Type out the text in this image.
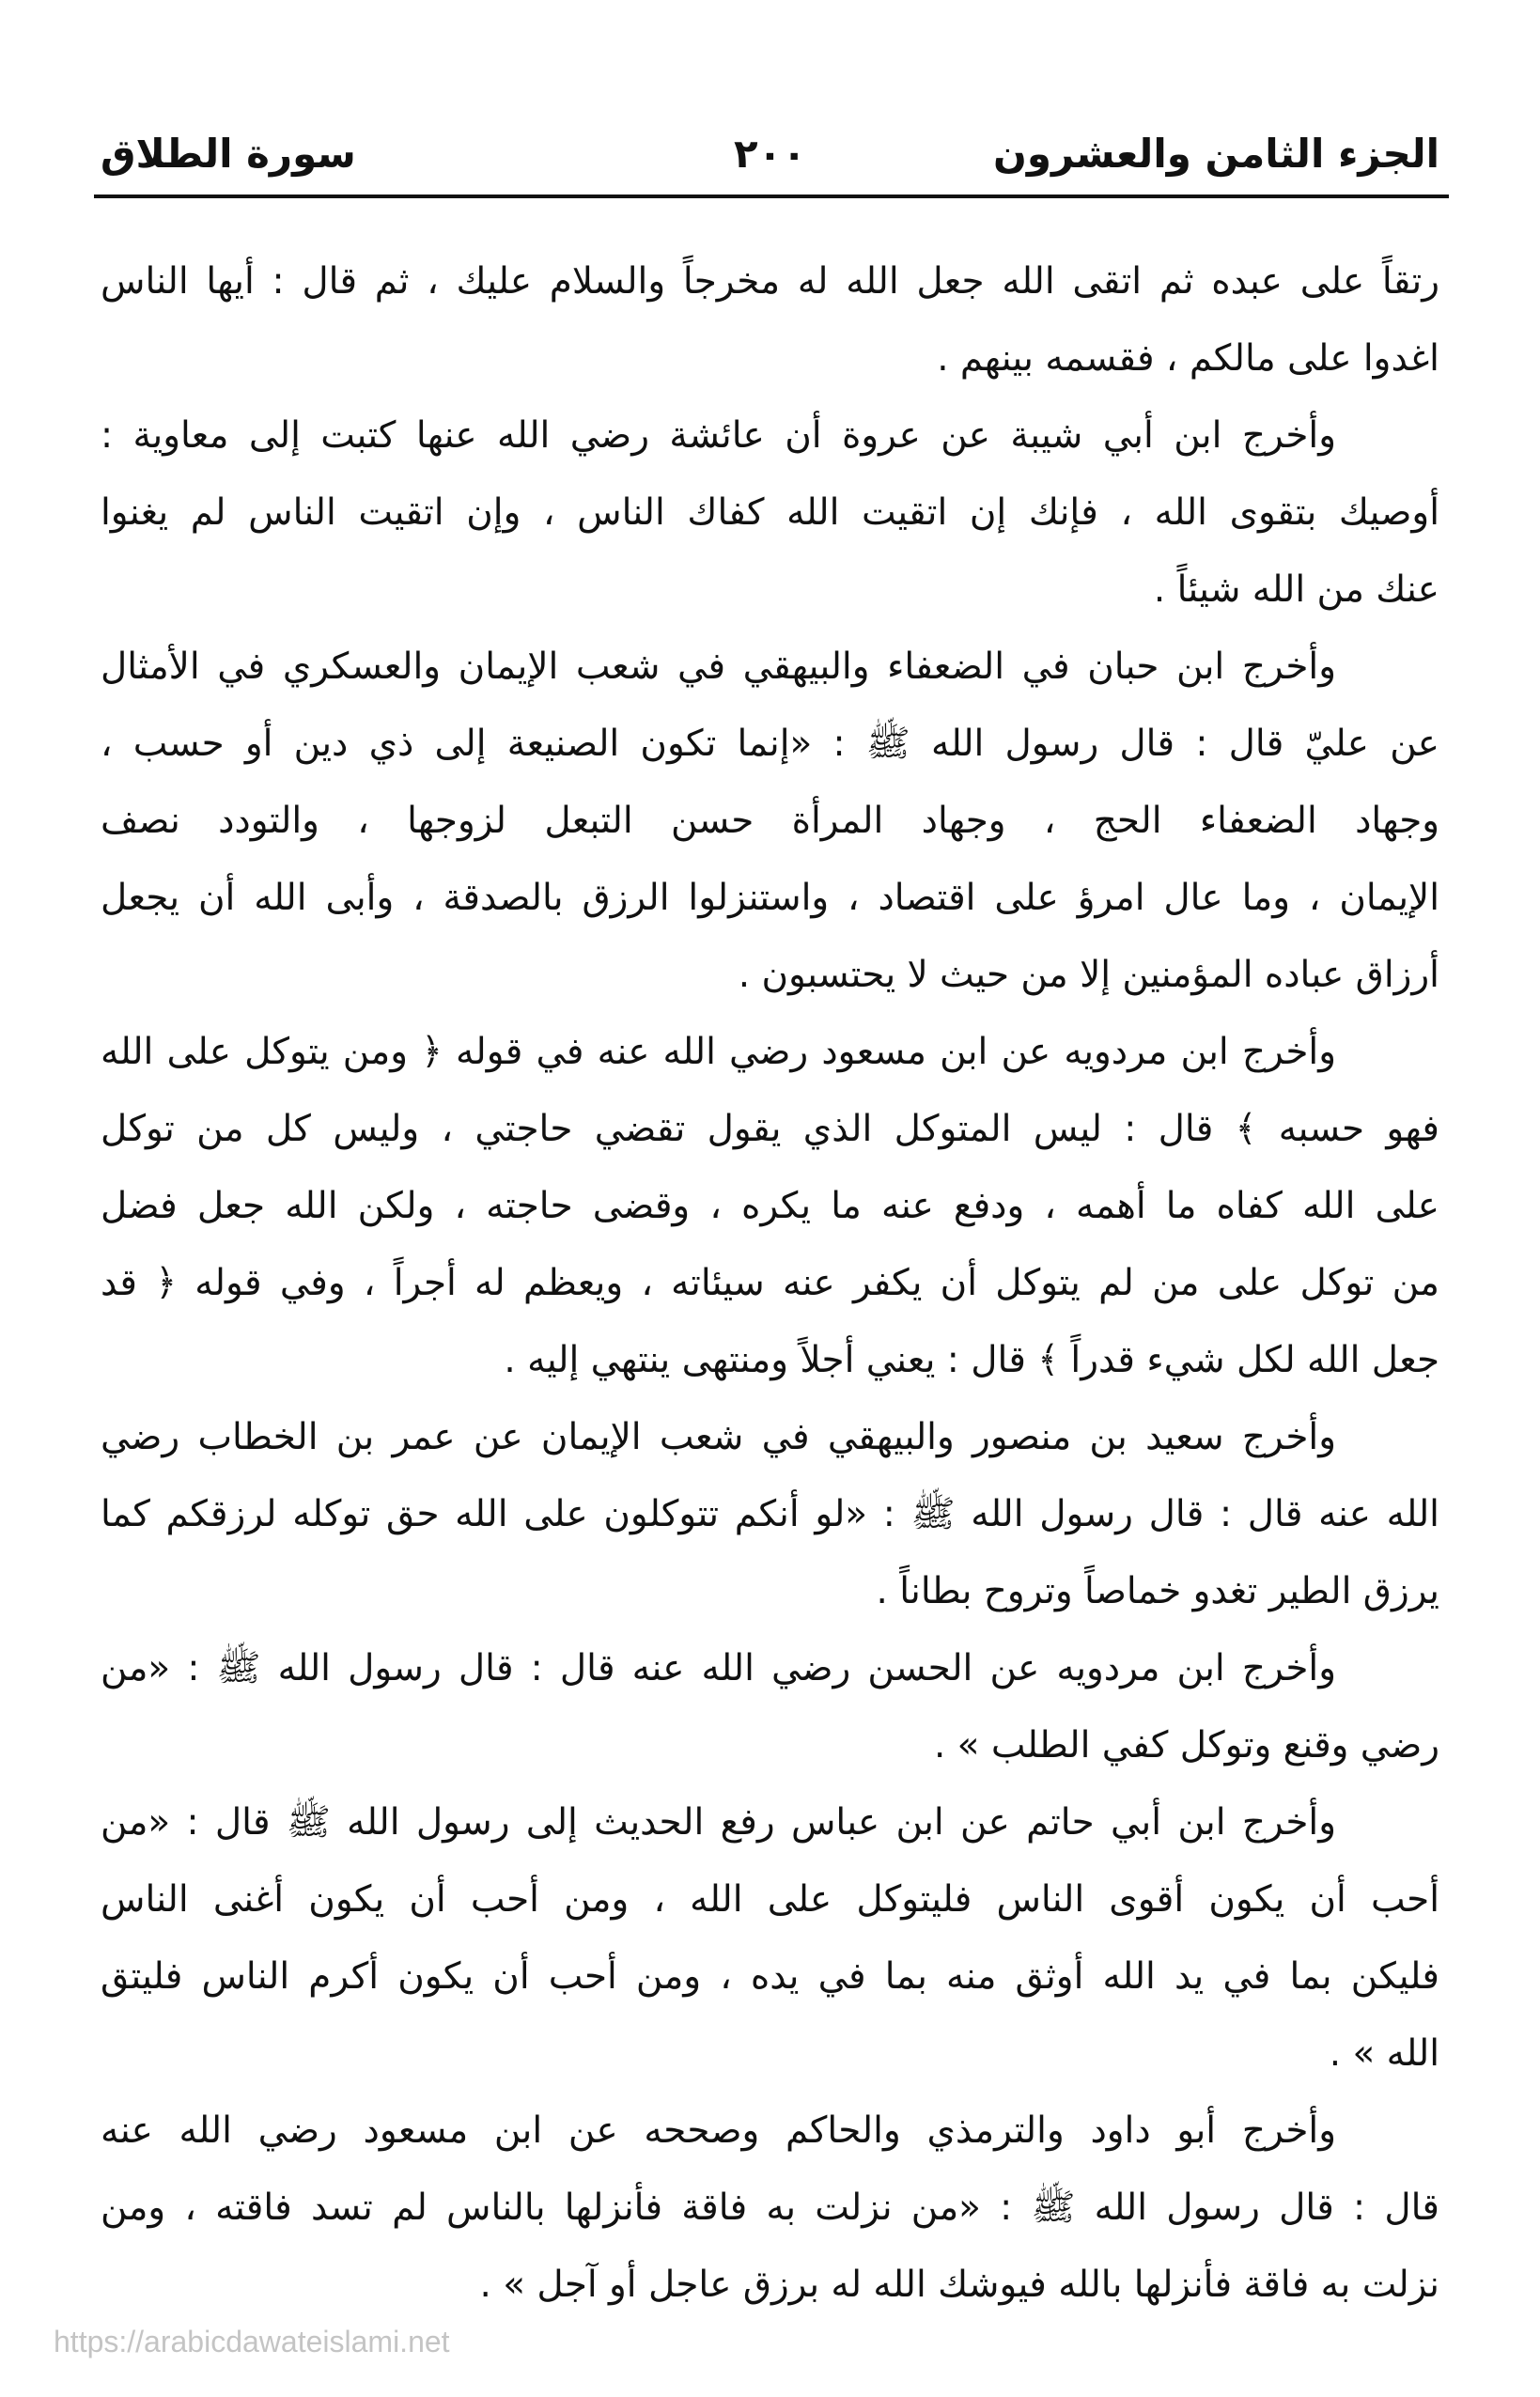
الجزء الثامن والعشرون
٢٠٠
سورة الطلاق
رتقاً على عبده ثم اتقى الله جعل الله له مخرجاً والسلام عليك ، ثم قال : أيها الناس
اغدوا على مالكم ، فقسمه بينهم .
وأخرج ابن أبي شيبة عن عروة أن عائشة رضي الله عنها كتبت إلى معاوية :
أوصيك بتقوى الله ، فإنك إن اتقيت الله كفاك الناس ، وإن اتقيت الناس لم يغنوا
عنك من الله شيئاً .
وأخرج ابن حبان في الضعفاء والبيهقي في شعب الإيمان والعسكري في الأمثال
عن عليّ قال : قال رسول الله ﷺ : «إنما تكون الصنيعة إلى ذي دين أو حسب ،
وجهاد الضعفاء الحج ، وجهاد المرأة حسن التبعل لزوجها ، والتودد نصف
الإيمان ، وما عال امرؤ على اقتصاد ، واستنزلوا الرزق بالصدقة ، وأبى الله أن يجعل
أرزاق عباده المؤمنين إلا من حيث لا يحتسبون .
وأخرج ابن مردويه عن ابن مسعود رضي الله عنه في قوله ﴿ ومن يتوكل على الله
فهو حسبه ﴾ قال : ليس المتوكل الذي يقول تقضي حاجتي ، وليس كل من توكل
على الله كفاه ما أهمه ، ودفع عنه ما يكره ، وقضى حاجته ، ولكن الله جعل فضل
من توكل على من لم يتوكل أن يكفر عنه سيئاته ، ويعظم له أجراً ، وفي قوله ﴿ قد
جعل الله لكل شيء قدراً ﴾ قال : يعني أجلاً ومنتهى ينتهي إليه .
وأخرج سعيد بن منصور والبيهقي في شعب الإيمان عن عمر بن الخطاب رضي
الله عنه قال : قال رسول الله ﷺ : «لو أنكم تتوكلون على الله حق توكله لرزقكم كما
يرزق الطير تغدو خماصاً وتروح بطاناً .
وأخرج ابن مردويه عن الحسن رضي الله عنه قال : قال رسول الله ﷺ : «من
رضي وقنع وتوكل كفي الطلب » .
وأخرج ابن أبي حاتم عن ابن عباس رفع الحديث إلى رسول الله ﷺ قال : «من
أحب أن يكون أقوى الناس فليتوكل على الله ، ومن أحب أن يكون أغنى الناس
فليكن بما في يد الله أوثق منه بما في يده ، ومن أحب أن يكون أكرم الناس فليتق
الله » .
وأخرج أبو داود والترمذي والحاكم وصححه عن ابن مسعود رضي الله عنه
قال : قال رسول الله ﷺ : «من نزلت به فاقة فأنزلها بالناس لم تسد فاقته ، ومن
نزلت به فاقة فأنزلها بالله فيوشك الله له برزق عاجل أو آجل » .
https://arabicdawateislami.net
